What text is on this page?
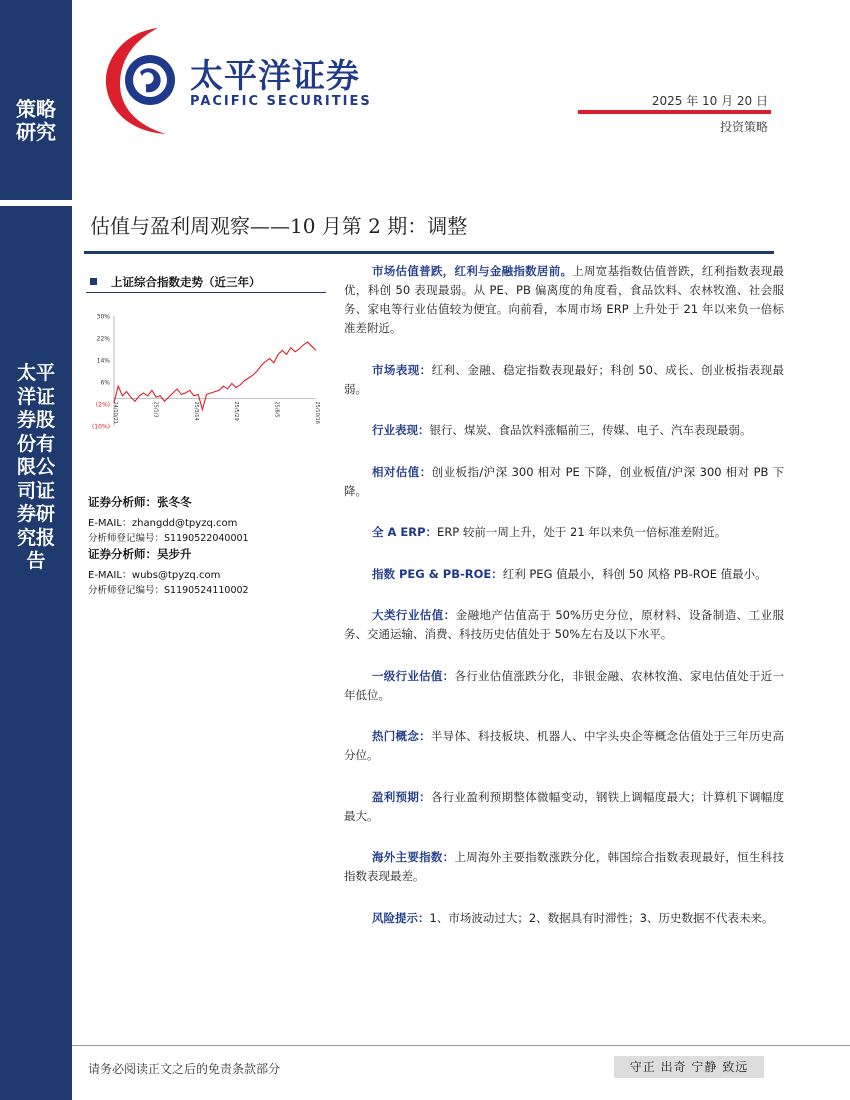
策略研究
太平洋证券股份有限公司证券研究报告
太平洋证券
PACIFIC SECURITIES	2025 年 10 月 20 日
投资策略
估值与盈利周观察——10 月第 2 期：调整
上证综合指数走势（近三年）
30%
22%
14%
6%
(2%)
(10%)
24/10/21	25/1/3	25/3/14	25/5/29	25/8/5	25/10/16
证券分析师：张冬冬
E-MAIL：zhangdd@tpyzq.com
分析师登记编号：S1190522040001
证券分析师：吴步升
E-MAIL：wubs@tpyzq.com
分析师登记编号：S1190524110002
市场估值普跌，红利与金融指数居前。上周宽基指数估值普跌，红利指数表现最优，科创 50 表现最弱。从 PE、PB 偏离度的角度看，食品饮料、农林牧渔、社会服务、家电等行业估值较为便宜。向前看，本周市场 ERP 上升处于 21 年以来负一倍标准差附近。
市场表现：红利、金融、稳定指数表现最好；科创 50、成长、创业板指表现最弱。
行业表现：银行、煤炭、食品饮料涨幅前三，传媒、电子、汽车表现最弱。
相对估值：创业板指/沪深 300 相对 PE 下降，创业板值/沪深 300 相对 PB 下降。
全 A ERP：ERP 较前一周上升，处于 21 年以来负一倍标准差附近。
指数 PEG & PB-ROE：红利 PEG 值最小，科创 50 风格 PB-ROE 值最小。
大类行业估值：金融地产估值高于 50%历史分位，原材料、设备制造、工业服务、交通运输、消费、科技历史估值处于 50%左右及以下水平。
一级行业估值：各行业估值涨跌分化，非银金融、农林牧渔、家电估值处于近一年低位。
热门概念：半导体、科技板块、机器人、中字头央企等概念估值处于三年历史高分位。
盈利预期：各行业盈利预期整体微幅变动，钢铁上调幅度最大；计算机下调幅度最大。
海外主要指数：上周海外主要指数涨跌分化，韩国综合指数表现最好，恒生科技指数表现最差。
风险提示：1、市场波动过大；2、数据具有时滞性；3、历史数据不代表未来。
请务必阅读正文之后的免责条款部分	守正 出奇 宁静 致远
